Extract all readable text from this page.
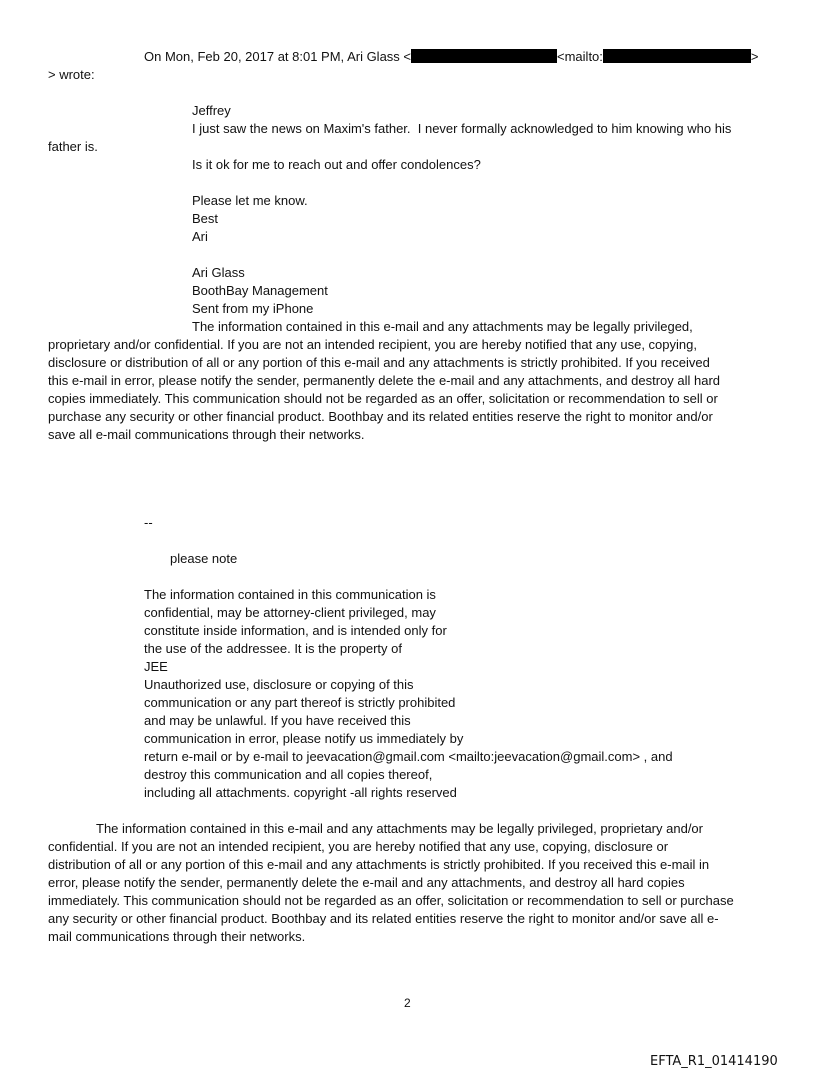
On Mon, Feb 20, 2017 at 8:01 PM, Ari Glass <	<mailto:	>
> wrote:
Jeffrey
I just saw the news on Maxim's father.  I never formally acknowledged to him knowing who his
father is.
Is it ok for me to reach out and offer condolences?
Please let me know.
Best
Ari
Ari Glass
BoothBay Management
Sent from my iPhone
The information contained in this e-mail and any attachments may be legally privileged,
proprietary and/or confidential. If you are not an intended recipient, you are hereby notified that any use, copying,
disclosure or distribution of all or any portion of this e-mail and any attachments is strictly prohibited. If you received
this e-mail in error, please notify the sender, permanently delete the e-mail and any attachments, and destroy all hard
copies immediately. This communication should not be regarded as an offer, solicitation or recommendation to sell or
purchase any security or other financial product. Boothbay and its related entities reserve the right to monitor and/or
save all e-mail communications through their networks.
--
please note
The information contained in this communication is
confidential, may be attorney-client privileged, may
constitute inside information, and is intended only for
the use of the addressee. It is the property of
JEE
Unauthorized use, disclosure or copying of this
communication or any part thereof is strictly prohibited
and may be unlawful. If you have received this
communication in error, please notify us immediately by
return e-mail or by e-mail to jeevacation@gmail.com <mailto:jeevacation@gmail.com> , and
destroy this communication and all copies thereof,
including all attachments. copyright -all rights reserved
The information contained in this e-mail and any attachments may be legally privileged, proprietary and/or
confidential. If you are not an intended recipient, you are hereby notified that any use, copying, disclosure or
distribution of all or any portion of this e-mail and any attachments is strictly prohibited. If you received this e-mail in
error, please notify the sender, permanently delete the e-mail and any attachments, and destroy all hard copies
immediately. This communication should not be regarded as an offer, solicitation or recommendation to sell or purchase
any security or other financial product. Boothbay and its related entities reserve the right to monitor and/or save all e-
mail communications through their networks.
2
EFTA_R1_01414190
